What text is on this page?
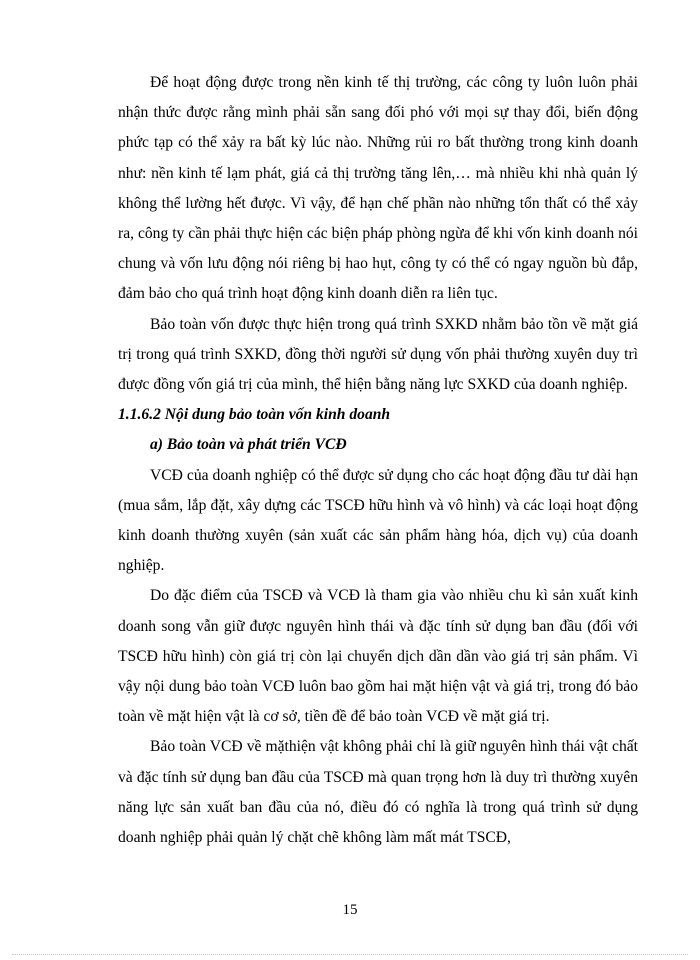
Để hoạt động được trong nền kinh tế thị trường, các công ty luôn luôn phải nhận thức được rằng mình phải sẵn sang đối phó với mọi sự thay đổi, biến động phức tạp có thể xảy ra bất kỳ lúc nào. Những rủi ro bất thường trong kinh doanh như: nền kinh tế lạm phát, giá cả thị trường tăng lên,… mà nhiều khi nhà quản lý không thể lường hết được. Vì vậy, để hạn chế phần nào những tổn thất có thể xảy ra, công ty cần phải thực hiện các biện pháp phòng ngừa để khi vốn kinh doanh nói chung và vốn lưu động nói riêng bị hao hụt, công ty có thể có ngay nguồn bù đắp, đảm bảo cho quá trình hoạt động kinh doanh diễn ra liên tục.

Bảo toàn vốn được thực hiện trong quá trình SXKD nhằm bảo tồn về mặt giá trị trong quá trình SXKD, đồng thời người sử dụng vốn phải thường xuyên duy trì được đồng vốn giá trị của mình, thể hiện bằng năng lực SXKD của doanh nghiệp.

1.1.6.2 Nội dung bảo toàn vốn kinh doanh
a) Bảo toàn và phát triển VCĐ

VCĐ của doanh nghiệp có thể được sử dụng cho các hoạt động đầu tư dài hạn (mua sắm, lắp đặt, xây dựng các TSCĐ hữu hình và vô hình) và các loại hoạt động kinh doanh thường xuyên (sản xuất các sản phẩm hàng hóa, dịch vụ) của doanh nghiệp.

Do đặc điểm của TSCĐ và VCĐ là tham gia vào nhiều chu kì sản xuất kinh doanh song vẫn giữ được nguyên hình thái và đặc tính sử dụng ban đầu (đối với TSCĐ hữu hình) còn giá trị còn lại chuyển dịch dần dần vào giá trị sản phẩm. Vì vậy nội dung bảo toàn VCĐ luôn bao gồm hai mặt hiện vật và giá trị, trong đó bảo toàn về mặt hiện vật là cơ sở, tiền đề để bảo toàn VCĐ về mặt giá trị.

Bảo toàn VCĐ về mặthiện vật không phải chỉ là giữ nguyên hình thái vật chất và đặc tính sử dụng ban đầu của TSCĐ mà quan trọng hơn là duy trì thường xuyên năng lực sản xuất ban đầu của nó, điều đó có nghĩa là trong quá trình sử dụng doanh nghiệp phải quản lý chặt chẽ không làm mất mát TSCĐ,

15
